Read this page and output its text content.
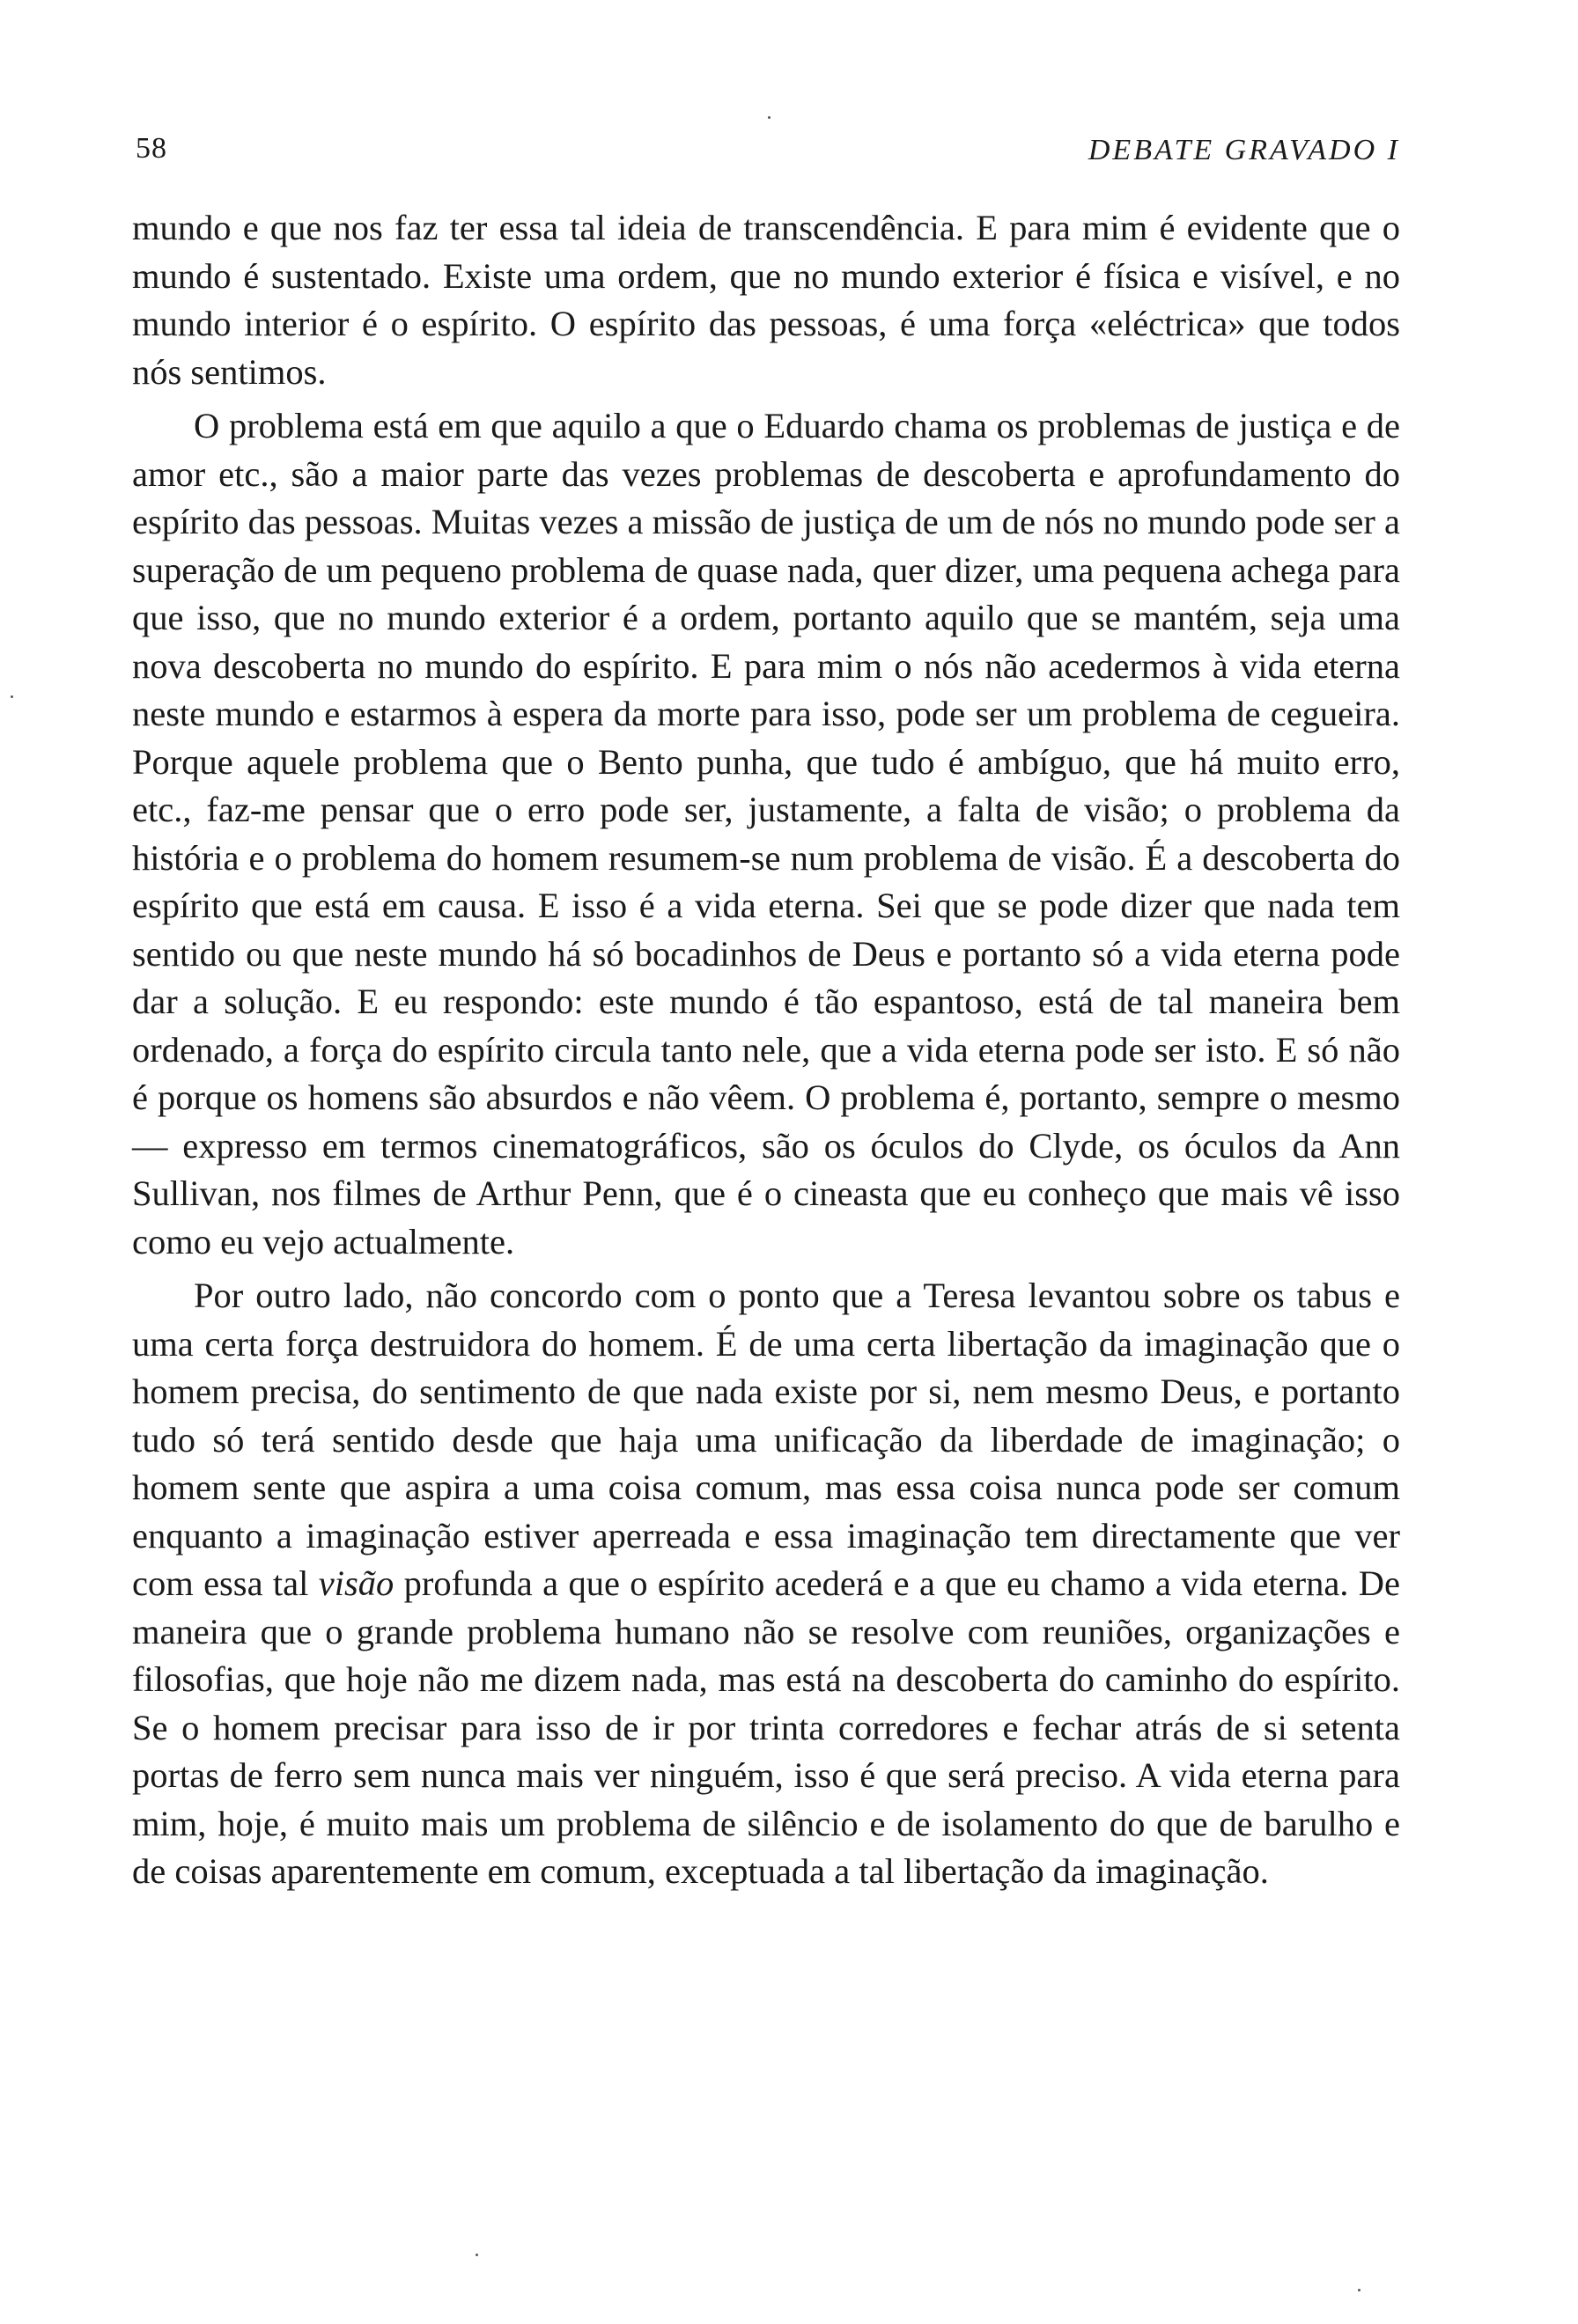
58	DEBATE GRAVADO I

mundo e que nos faz ter essa tal ideia de transcendência. E para mim é evidente que o mundo é sustentado. Existe uma ordem, que no mundo exterior é física e visível, e no mundo interior é o espírito. O espírito das pessoas, é uma força «eléctrica» que todos nós sentimos.

O problema está em que aquilo a que o Eduardo chama os problemas de justiça e de amor etc., são a maior parte das vezes problemas de descoberta e aprofundamento do espírito das pessoas. Muitas vezes a missão de justiça de um de nós no mundo pode ser a superação de um pequeno problema de quase nada, quer dizer, uma pequena achega para que isso, que no mundo exterior é a ordem, portanto aquilo que se mantém, seja uma nova descoberta no mundo do espírito. E para mim o nós não acedermos à vida eterna neste mundo e estarmos à espera da morte para isso, pode ser um problema de cegueira. Porque aquele problema que o Bento punha, que tudo é ambíguo, que há muito erro, etc., faz-me pensar que o erro pode ser, justamente, a falta de visão; o problema da história e o problema do homem resumem-se num problema de visão. É a descoberta do espírito que está em causa. E isso é a vida eterna. Sei que se pode dizer que nada tem sentido ou que neste mundo há só bocadinhos de Deus e portanto só a vida eterna pode dar a solução. E eu respondo: este mundo é tão espantoso, está de tal maneira bem ordenado, a força do espírito circula tanto nele, que a vida eterna pode ser isto. E só não é porque os homens são absurdos e não vêem. O problema é, portanto, sempre o mesmo — expresso em termos cinematográficos, são os óculos do Clyde, os óculos da Ann Sullivan, nos filmes de Arthur Penn, que é o cineasta que eu conheço que mais vê isso como eu vejo actualmente.

Por outro lado, não concordo com o ponto que a Teresa levantou sobre os tabus e uma certa força destruidora do homem. É de uma certa libertação da imaginação que o homem precisa, do sentimento de que nada existe por si, nem mesmo Deus, e portanto tudo só terá sentido desde que haja uma unificação da liberdade de imaginação; o homem sente que aspira a uma coisa comum, mas essa coisa nunca pode ser comum enquanto a imaginação estiver aperreada e essa imaginação tem directamente que ver com essa tal visão profunda a que o espírito acederá e a que eu chamo a vida eterna. De maneira que o grande problema humano não se resolve com reuniões, organizações e filosofias, que hoje não me dizem nada, mas está na descoberta do caminho do espírito. Se o homem precisar para isso de ir por trinta corredores e fechar atrás de si setenta portas de ferro sem nunca mais ver ninguém, isso é que será preciso. A vida eterna para mim, hoje, é muito mais um problema de silêncio e de isolamento do que de barulho e de coisas aparentemente em comum, exceptuada a tal libertação da imaginação.
